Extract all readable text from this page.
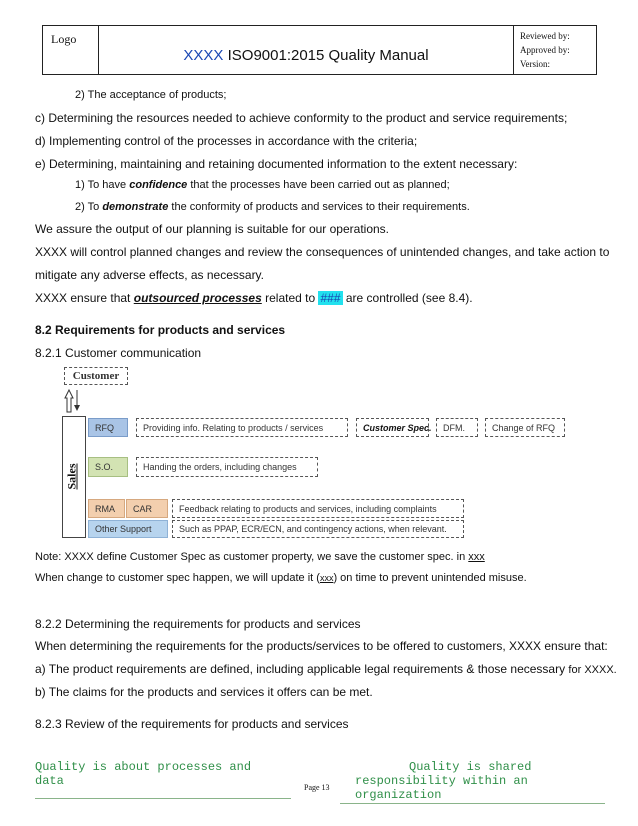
Logo
XXXX ISO9001:2015 Quality Manual
Reviewed by:
Approved by:
Version:
2) The acceptance of products;
c) Determining the resources needed to achieve conformity to the product and service requirements;
d) Implementing control of the processes in accordance with the criteria;
e) Determining, maintaining and retaining documented information to the extent necessary:
1) To have confidence that the processes have been carried out as planned;
2) To demonstrate the conformity of products and services to their requirements.
We assure the output of our planning is suitable for our operations.
XXXX will control planned changes and review the consequences of unintended changes, and take action to
mitigate any adverse effects, as necessary.
XXXX ensure that outsourced processes related to ### are controlled (see 8.4).
8.2 Requirements for products and services
8.2.1 Customer communication
Customer
Sales
RFQ	Providing info. Relating to products / services	Customer Spec.	DFM.	Change of RFQ
S.O.	Handing the orders, including changes
RMA	CAR	Feedback relating to products and services, including complaints
Other Support	Such as PPAP, ECR/ECN, and contingency actions, when relevant.
Note: XXXX define Customer Spec as customer property, we save the customer spec. in xxx
When change to customer spec happen, we will update it (xxx) on time to prevent unintended misuse.
8.2.2 Determining the requirements for products and services
When determining the requirements for the products/services to be offered to customers, XXXX ensure that:
a) The product requirements are defined, including applicable legal requirements & those necessary for XXXX.
b) The claims for the products and services it offers can be met.
8.2.3 Review of the requirements for products and services
Quality is about processes and
data	Page 13
Quality is shared
responsibility within an
organization
